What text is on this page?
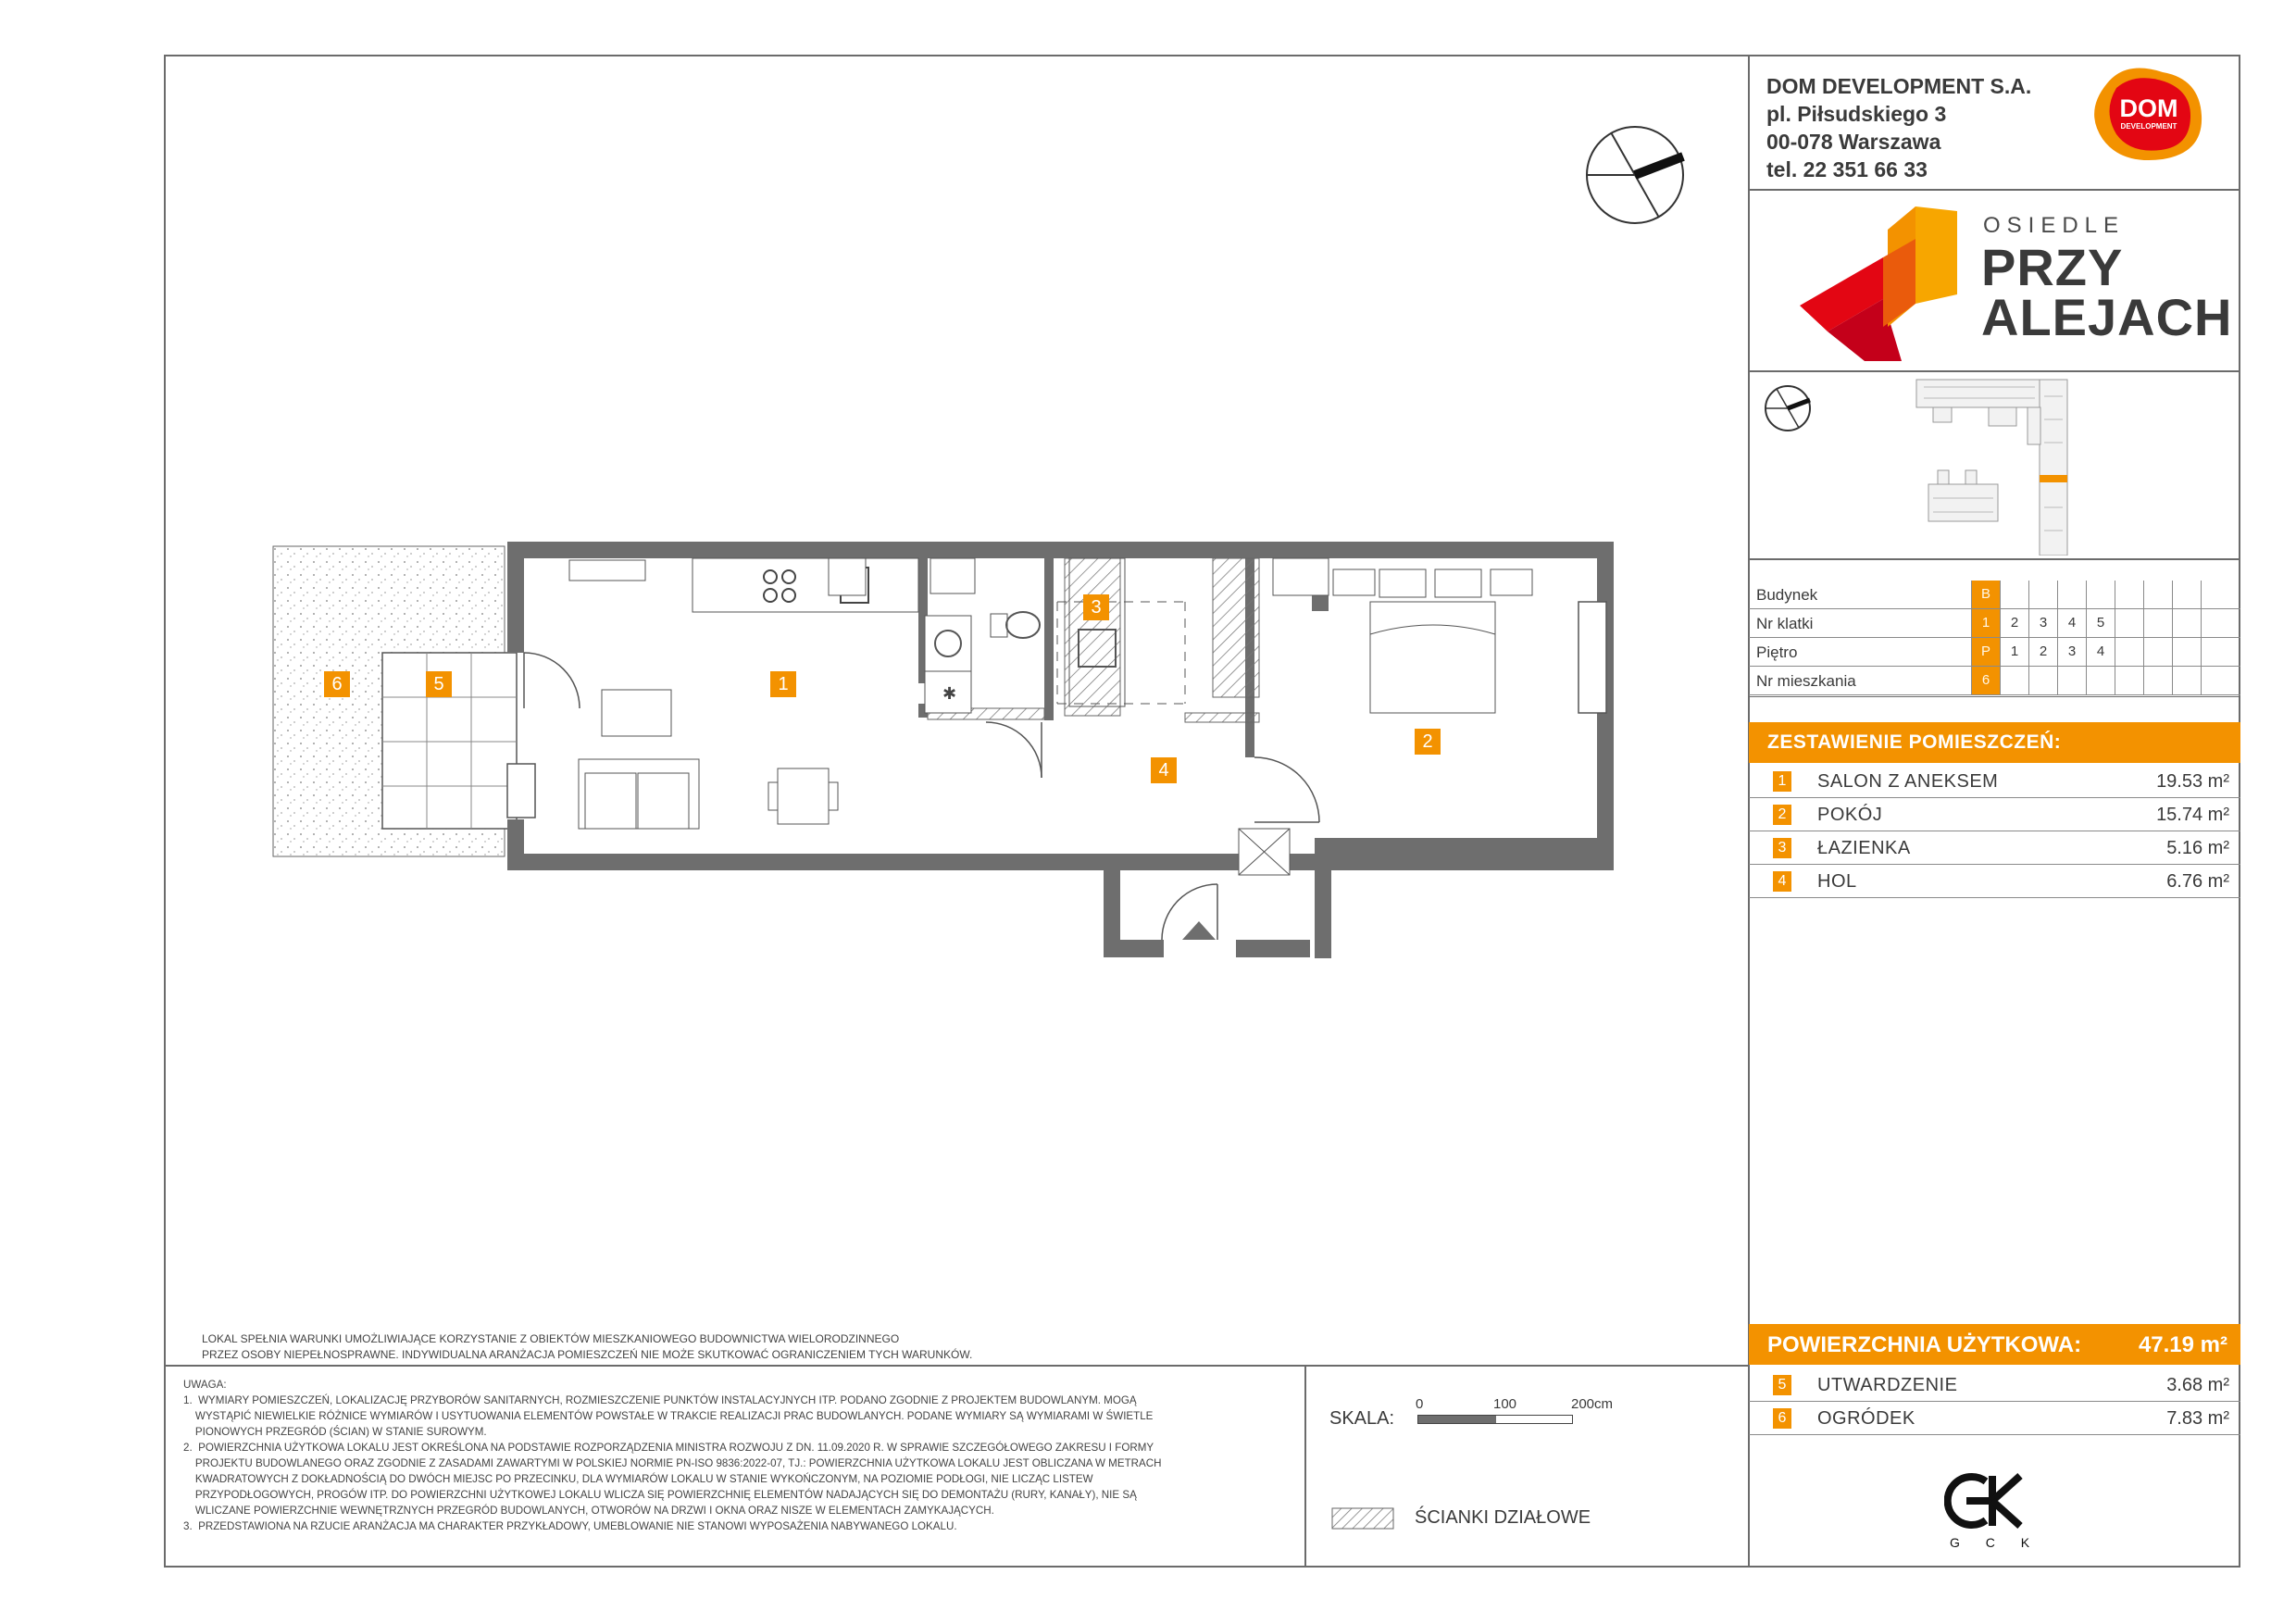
DOM DEVELOPMENT S.A.
pl. Piłsudskiego 3
00-078 Warszawa
tel. 22 351 66 33
DOM
DEVELOPMENT
OSIEDLE
PRZY
ALEJACH
Budynek	B
Nr klatki	1	2	3	4	5
Piętro	P	1	2	3	4
Nr mieszkania	6
ZESTAWIENIE POMIESZCZEŃ:
1 SALON Z ANEKSEM	19.53 m²
2 POKÓJ	15.74 m²
3 ŁAZIENKA	5.16 m²
4 HOL	6.76 m²
POWIERZCHNIA UŻYTKOWA:	47.19 m²
5 UTWARDZENIE	3.68 m²
6 OGRÓDEK	7.83 m²
G C K
✱
6	5	1
3
4
2
LOKAL SPEŁNIA WARUNKI UMOŻLIWIAJĄCE KORZYSTANIE Z OBIEKTÓW MIESZKANIOWEGO BUDOWNICTWA WIELORODZINNEGO
PRZEZ OSOBY NIEPEŁNOSPRAWNE. INDYWIDUALNA ARANŻACJA POMIESZCZEŃ NIE MOŻE SKUTKOWAĆ OGRANICZENIEM TYCH WARUNKÓW.
UWAGA:
1.  WYMIARY POMIESZCZEŃ, LOKALIZACJĘ PRZYBORÓW SANITARNYCH, ROZMIESZCZENIE PUNKTÓW INSTALACYJNYCH ITP. PODANO ZGODNIE Z PROJEKTEM BUDOWLANYM. MOGĄ
WYSTĄPIĆ NIEWIELKIE RÓŻNICE WYMIARÓW I USYTUOWANIA ELEMENTÓW POWSTAŁE W TRAKCIE REALIZACJI PRAC BUDOWLANYCH. PODANE WYMIARY SĄ WYMIARAMI W ŚWIETLE
PIONOWYCH PRZEGRÓD (ŚCIAN) W STANIE SUROWYM.
2.  POWIERZCHNIA UŻYTKOWA LOKALU JEST OKREŚLONA NA PODSTAWIE ROZPORZĄDZENIA MINISTRA ROZWOJU Z DN. 11.09.2020 R. W SPRAWIE SZCZEGÓŁOWEGO ZAKRESU I FORMY
PROJEKTU BUDOWLANEGO ORAZ ZGODNIE Z ZASADAMI ZAWARTYMI W POLSKIEJ NORMIE PN-ISO 9836:2022-07, TJ.: POWIERZCHNIA UŻYTKOWA LOKALU JEST OBLICZANA W METRACH
KWADRATOWYCH Z DOKŁADNOŚCIĄ DO DWÓCH MIEJSC PO PRZECINKU, DLA WYMIARÓW LOKALU W STANIE WYKOŃCZONYM, NA POZIOMIE PODŁOGI, NIE LICZĄC LISTEW
PRZYPODŁOGOWYCH, PROGÓW ITP. DO POWIERZCHNI UŻYTKOWEJ LOKALU WLICZA SIĘ POWIERZCHNIĘ ELEMENTÓW NADAJĄCYCH SIĘ DO DEMONTAŻU (RURY, KANAŁY), NIE SĄ
WLICZANE POWIERZCHNIE WEWNĘTRZNYCH PRZEGRÓD BUDOWLANYCH, OTWORÓW NA DRZWI I OKNA ORAZ NISZE W ELEMENTACH ZAMYKAJĄCYCH.
3.  PRZEDSTAWIONA NA RZUCIE ARANŻACJA MA CHARAKTER PRZYKŁADOWY, UMEBLOWANIE NIE STANOWI WYPOSAŻENIA NABYWANEGO LOKALU.
SKALA:
0	100	200cm
ŚCIANKI DZIAŁOWE
